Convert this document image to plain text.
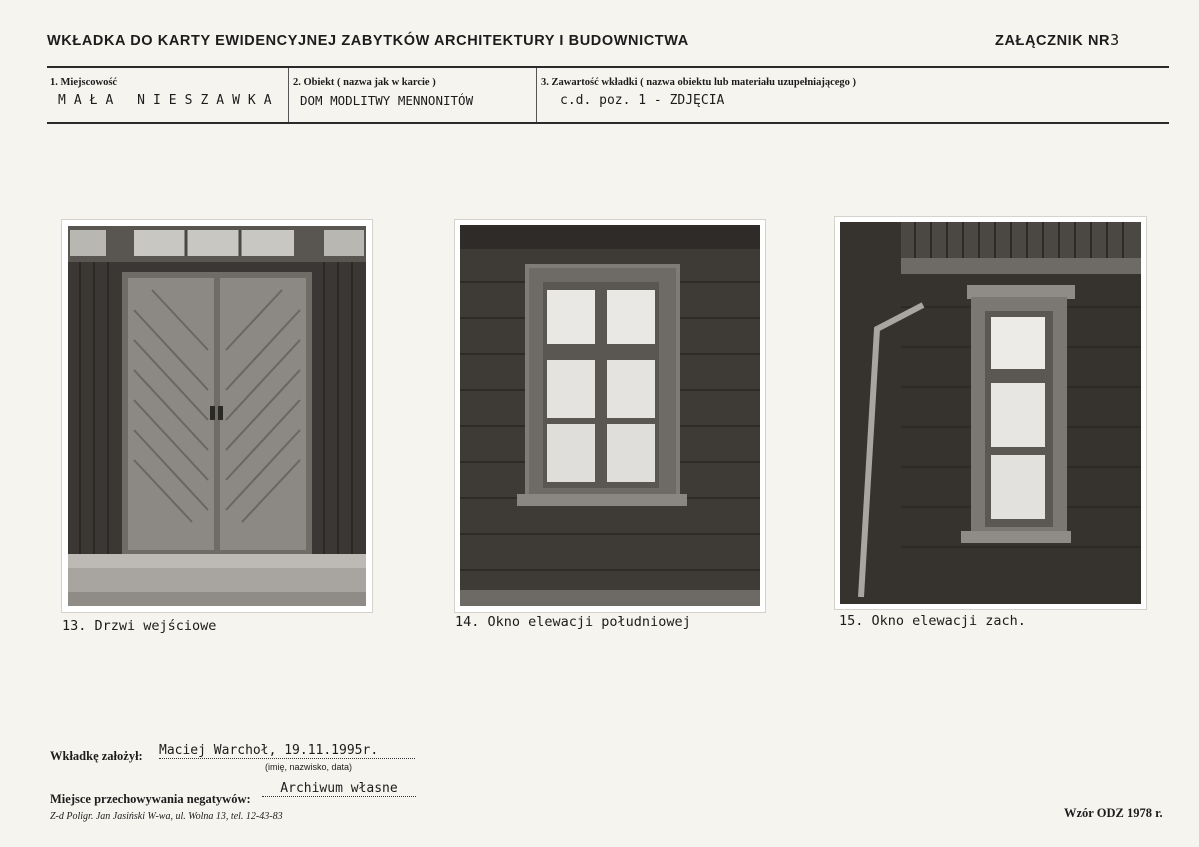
WKŁADKA DO KARTY EWIDENCYJNEJ ZABYTKÓW ARCHITEKTURY I BUDOWNICTWA	ZAŁĄCZNIK NR3
1. Miejscowość
MAŁA NIESZAWKA
2. Obiekt ( nazwa jak w karcie )
DOM MODLITWY MENNONITÓW
3. Zawartość wkładki ( nazwa obiektu lub materiału uzupełniającego )
c.d. poz. 1 - ZDJĘCIA
13. Drzwi wejściowe	14. Okno elewacji południowej	15. Okno elewacji zach.
Wkładkę założył: Maciej Warchoł, 19.11.1995r.
(imię, nazwisko, data)
Miejsce przechowywania negatywów:
Archiwum własne
Z-d Poligr. Jan Jasiński W-wa, ul. Wolna 13, tel. 12-43-83	Wzór ODZ 1978 r.
